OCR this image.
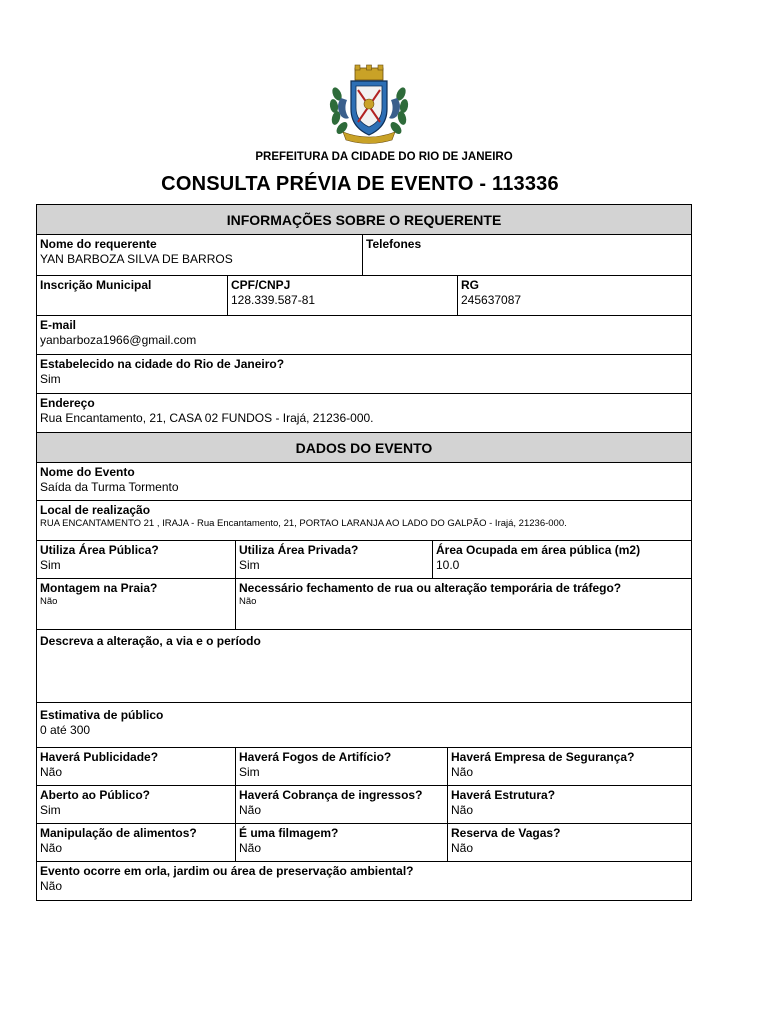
PREFEITURA DA CIDADE DO RIO DE JANEIRO
CONSULTA PRÉVIA DE EVENTO - 113336
INFORMAÇÕES SOBRE O REQUERENTE
Nome do requerente
YAN BARBOZA SILVA DE BARROS
Telefones
Inscrição Municipal	CPF/CNPJ
128.339.587-81
RG
245637087
E-mail
yanbarboza1966@gmail.com
Estabelecido na cidade do Rio de Janeiro?
Sim
Endereço
Rua Encantamento, 21, CASA 02 FUNDOS - Irajá, 21236-000.
DADOS DO EVENTO
Nome do Evento
Saída da Turma Tormento
Local de realização
RUA ENCANTAMENTO 21 , IRAJA - Rua Encantamento, 21, PORTAO LARANJA AO LADO DO GALPÃO - Irajá, 21236-000.
Utiliza Área Pública?
Sim
Utiliza Área Privada?
Sim
Área Ocupada em área pública (m2)
10.0
Montagem na Praia?
Não
Necessário fechamento de rua ou alteração temporária de tráfego?
Não
Descreva a alteração, a via e o período
Estimativa de público
0 até 300
Haverá Publicidade?
Não
Haverá Fogos de Artifício?
Sim
Haverá Empresa de Segurança?
Não
Aberto ao Público?
Sim
Haverá Cobrança de ingressos?
Não
Haverá Estrutura?
Não
Manipulação de alimentos?
Não
É uma filmagem?
Não
Reserva de Vagas?
Não
Evento ocorre em orla, jardim ou área de preservação ambiental?
Não
